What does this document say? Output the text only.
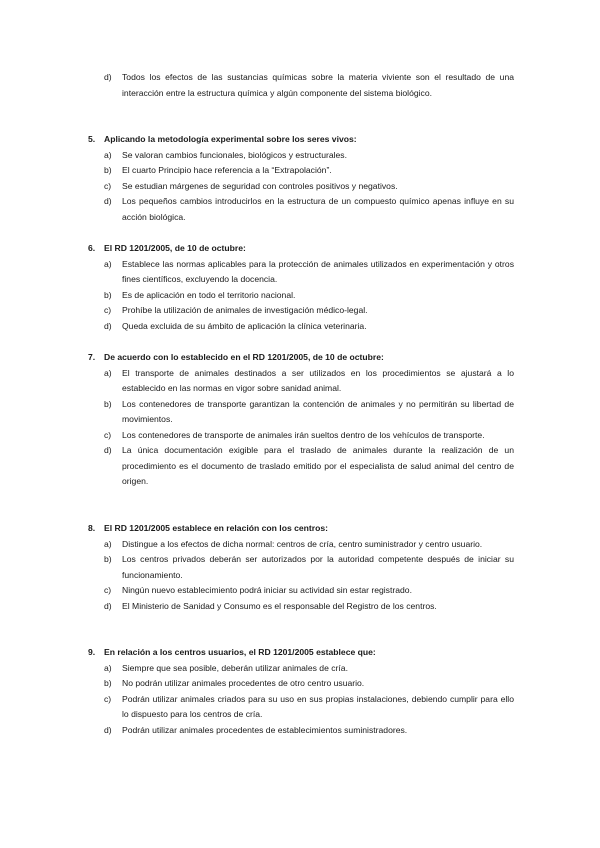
d) Todos los efectos de las sustancias químicas sobre la materia viviente son el resultado de una interacción entre la estructura química y algún componente del sistema biológico.
5. Aplicando la metodología experimental sobre los seres vivos:
a) Se valoran cambios funcionales, biológicos y estructurales.
b) El cuarto Principio hace referencia a la “Extrapolación”.
c) Se estudian márgenes de seguridad con controles positivos y negativos.
d) Los pequeños cambios introducirlos en la estructura de un compuesto químico apenas influye en su acción biológica.
6. El RD 1201/2005, de 10 de octubre:
a) Establece las normas aplicables para la protección de animales utilizados en experimentación y otros fines científicos, excluyendo la docencia.
b) Es de aplicación en todo el territorio nacional.
c) Prohíbe la utilización de animales de investigación médico-legal.
d) Queda excluida de su ámbito de aplicación la clínica veterinaria.
7. De acuerdo con lo establecido en el RD 1201/2005, de 10 de octubre:
a) El transporte de animales destinados a ser utilizados en los procedimientos se ajustará a lo establecido en las normas en vigor sobre sanidad animal.
b) Los contenedores de transporte garantizan la contención de animales y no permitirán su libertad de movimientos.
c) Los contenedores de transporte de animales irán sueltos dentro de los vehículos de transporte.
d) La única documentación exigible para el traslado de animales durante la realización de un procedimiento es el documento de traslado emitido por el especialista de salud animal del centro de origen.
8. El RD 1201/2005 establece en relación con los centros:
a) Distingue a los efectos de dicha normal: centros de cría, centro suministrador y centro usuario.
b) Los centros privados deberán ser autorizados por la autoridad competente después de iniciar su funcionamiento.
c) Ningún nuevo establecimiento podrá iniciar su actividad sin estar registrado.
d) El Ministerio de Sanidad y Consumo es el responsable del Registro de los centros.
9. En relación a los centros usuarios, el RD 1201/2005 establece que:
a) Siempre que sea posible, deberán utilizar animales de cría.
b) No podrán utilizar animales procedentes de otro centro usuario.
c) Podrán utilizar animales criados para su uso en sus propias instalaciones, debiendo cumplir para ello lo dispuesto para los centros de cría.
d) Podrán utilizar animales procedentes de establecimientos suministradores.
